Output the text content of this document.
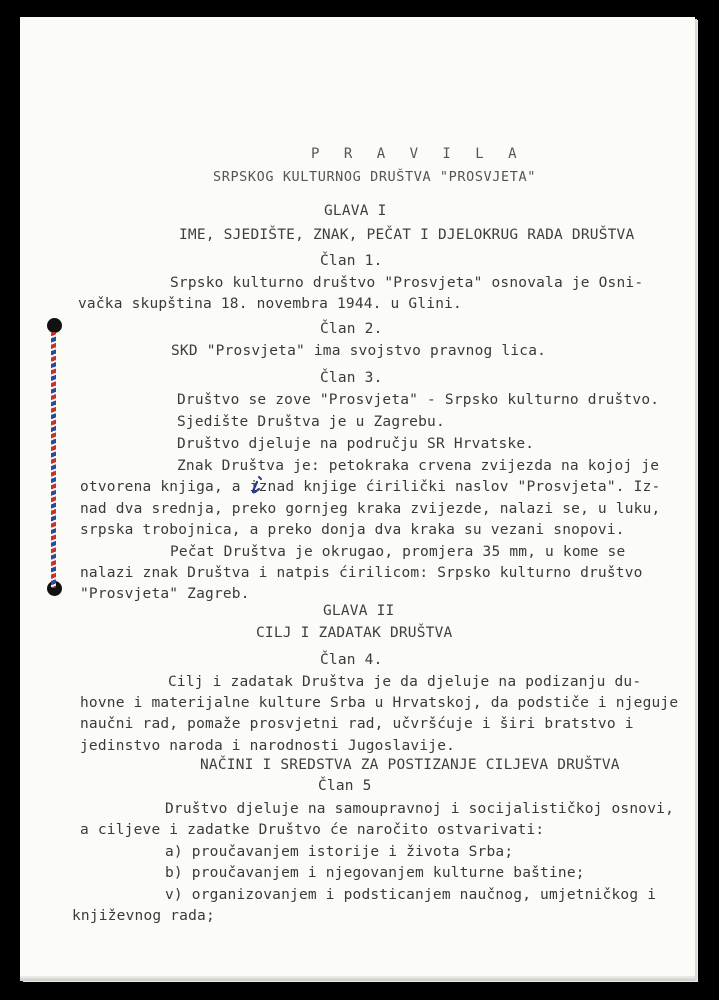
P R A V I L A
SRPSKOG KULTURNOG DRUŠTVA "PROSVJETA"
GLAVA I
IME, SJEDIŠTE, ZNAK, PEČAT I DJELOKRUG RADA DRUŠTVA
Član 1.
Srpsko kulturno društvo "Prosvjeta" osnovala je Osni-
vačka skupština 18. novembra 1944. u Glini.
Član 2.
SKD "Prosvjeta" ima svojstvo pravnog lica.
Član 3.
Društvo se zove "Prosvjeta" - Srpsko kulturno društvo.
Sjedište Društva je u Zagrebu.
Društvo djeluje na području SR Hrvatske.
Znak Društva je: petokraka crvena zvijezda na kojoj je
otvorena knjiga, a iznad knjige ćirilički naslov "Prosvjeta". Iz-
nad dva srednja, preko gornjeg kraka zvijezde, nalazi se, u luku,
srpska trobojnica, a preko donja dva kraka su vezani snopovi.
Pečat Društva je okrugao, promjera 35 mm, u kome se
nalazi znak Društva i natpis ćirilicom: Srpsko kulturno društvo
"Prosvjeta" Zagreb.
GLAVA II
CILJ I ZADATAK DRUŠTVA
Član 4.
Cilj i zadatak Društva je da djeluje na podizanju du-
hovne i materijalne kulture Srba u Hrvatskoj, da podstiče i njeguje
naučni rad, pomaže prosvjetni rad, učvršćuje i širi bratstvo i
jedinstvo naroda i narodnosti Jugoslavije.
NAČINI I SREDSTVA ZA POSTIZANJE CILJEVA DRUŠTVA
Član 5
Društvo djeluje na samoupravnoj i socijalističkoj osnovi,
a ciljeve i zadatke Društvo će naročito ostvarivati:
a) proučavanjem istorije i života Srba;
b) proučavanjem i njegovanjem kulturne baštine;
v) organizovanjem i podsticanjem naučnog, umjetničkog i
književnog rada;
